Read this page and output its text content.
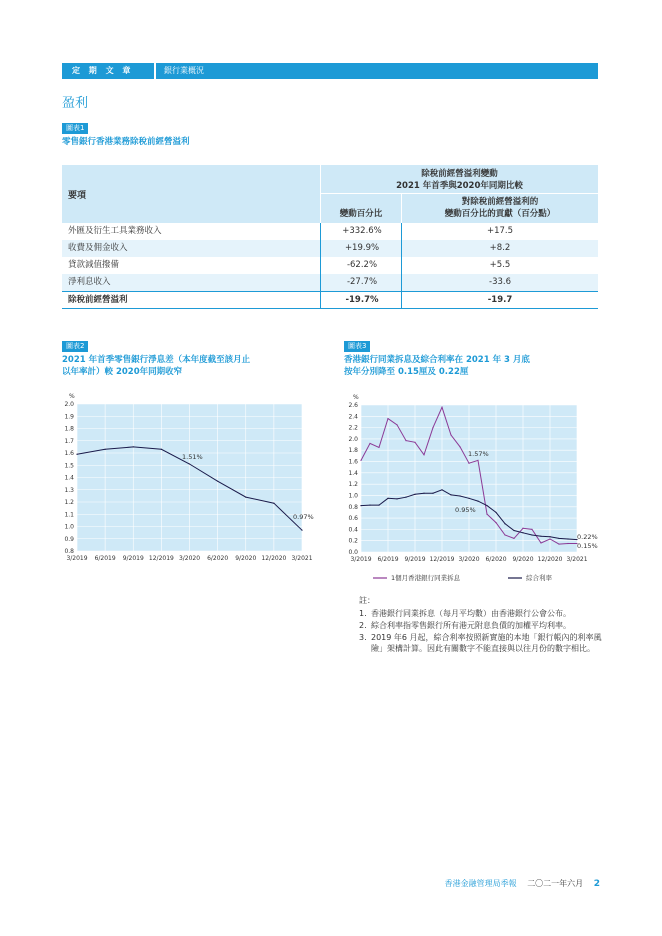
定 期 文 章	銀行業概況
盈利
圖表1
零售銀行香港業務除稅前經營溢利
要項
除稅前經營溢利變動
2021 年首季與2020年同期比較
變動百分比
對除稅前經營溢利的
變動百分比的貢獻（百分點）
外匯及衍生工具業務收入	+332.6%	+17.5
收費及佣金收入	+19.9%	+8.2
貸款減值撥備	-62.2%	+5.5
淨利息收入	-27.7%	-33.6
除稅前經營溢利	-19.7%	-19.7
圖表2
2021 年首季零售銀行淨息差（本年度截至該月止
以年率計）較 2020年同期收窄
0.8
0.9
1.0
1.1
1.2
1.3
1.4
1.5
1.6
1.7
1.8
1.9
2.0
%
3/2019 6/2019 9/2019 12/2019 3/2020 6/2020 9/2020 12/2020 3/2021
1.51%
0.97%
圖表3
香港銀行同業拆息及綜合利率在 2021 年 3 月底
按年分別降至 0.15厘及 0.22厘
0.0
0.2
0.4
0.6
0.8
1.0
1.2
1.4
1.6
1.8
2.0
2.2
2.4
2.6
%
3/2019 6/2019 9/2019 12/2019 3/2020 6/2020 9/2020 12/2020 3/2021
1.57%
0.95%
0.22%
0.15%
1個月香港銀行同業拆息	綜合利率
註：
1. 香港銀行同業拆息（每月平均數）由香港銀行公會公布。
2. 綜合利率指零售銀行所有港元附息負債的加權平均利率。
3. 2019 年6 月起，綜合利率按照新實施的本地「銀行帳內的利率風險」架構計算。因此有關數字不能直接與以往月份的數字相比。
香港金融管理局季報 二〇二一年六月 2
